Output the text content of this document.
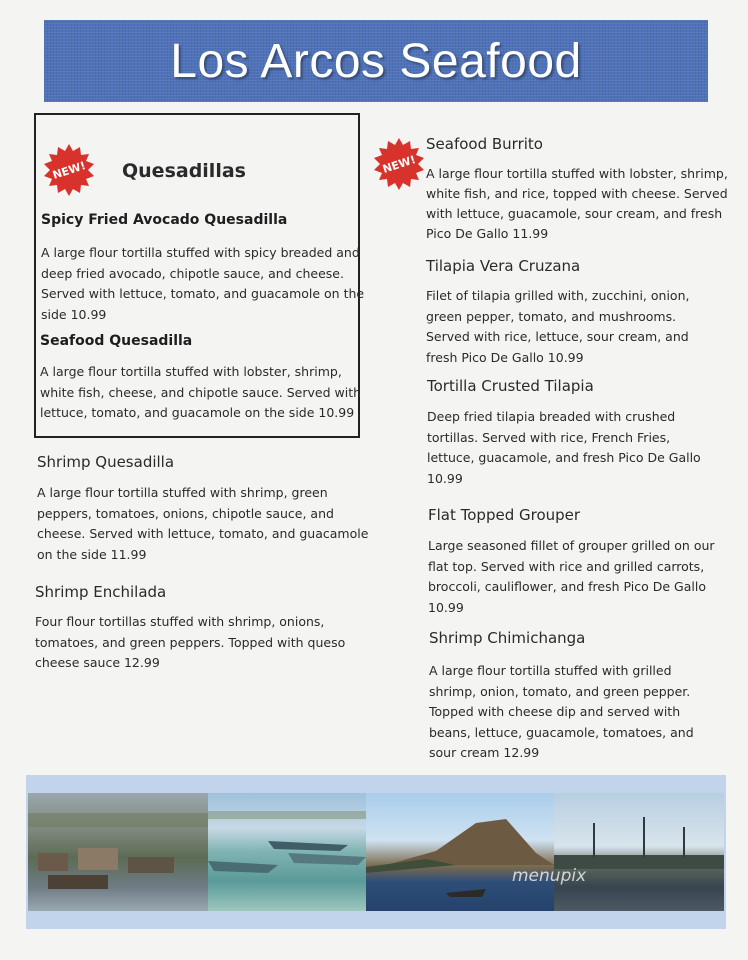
Los Arcos Seafood
NEW! Quesadillas
Spicy Fried Avocado Quesadilla
A large flour tortilla stuffed with spicy breaded and
deep fried avocado, chipotle sauce, and cheese.
Served with lettuce, tomato, and guacamole on the
side 10.99
Seafood Quesadilla
A large flour tortilla stuffed with lobster, shrimp,
white fish, cheese, and chipotle sauce. Served with
lettuce, tomato, and guacamole on the side 10.99
Shrimp Quesadilla
A large flour tortilla stuffed with shrimp, green
peppers, tomatoes, onions, chipotle sauce, and
cheese. Served with lettuce, tomato, and guacamole
on the side 11.99
Shrimp Enchilada
Four flour tortillas stuffed with shrimp, onions,
tomatoes, and green peppers. Topped with queso
cheese sauce 12.99
NEW!
Seafood Burrito
A large flour tortilla stuffed with lobster, shrimp,
white fish, and rice, topped with cheese. Served
with lettuce, guacamole, sour cream, and fresh
Pico De Gallo 11.99
Tilapia Vera Cruzana
Filet of tilapia grilled with, zucchini, onion,
green pepper, tomato, and mushrooms.
Served with rice, lettuce, sour cream, and
fresh Pico De Gallo 10.99
Tortilla Crusted Tilapia
Deep fried tilapia breaded with crushed
tortillas. Served with rice, French Fries,
lettuce, guacamole, and fresh Pico De Gallo
10.99
Flat Topped Grouper
Large seasoned fillet of grouper grilled on our
flat top. Served with rice and grilled carrots,
broccoli, cauliflower, and fresh Pico De Gallo
10.99
Shrimp Chimichanga
A large flour tortilla stuffed with grilled
shrimp, onion, tomato, and green pepper.
Topped with cheese dip and served with
beans, lettuce, guacamole, tomatoes, and
sour cream 12.99
menupix
